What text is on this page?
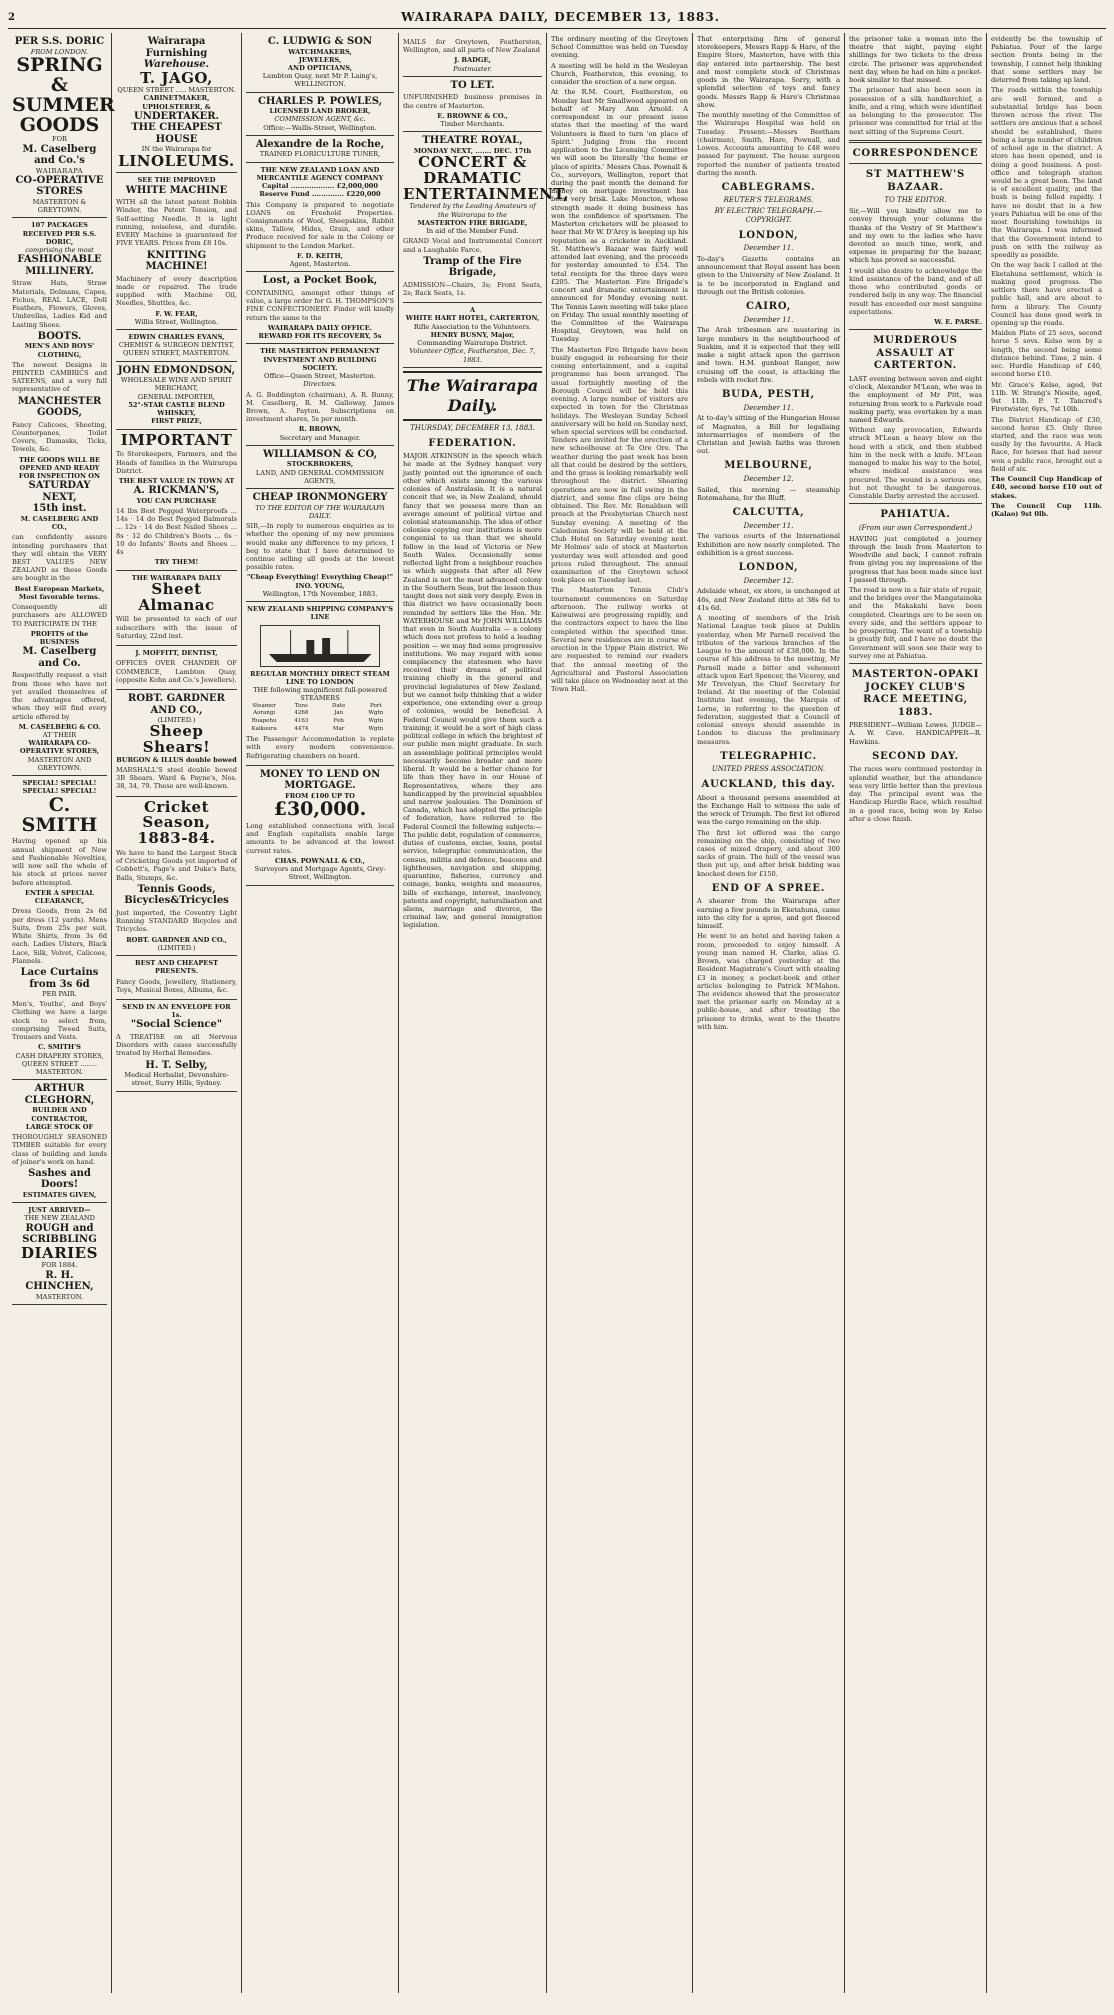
2	WAIRARAPA DAILY, DECEMBER 13, 1883.
PER S.S. DORIC
FROM LONDON.
SPRING &
SUMMER
GOODS
FOR
M. Caselberg and Co.'s
WAIRARAPA
CO-OPERATIVE STORES
MASTERTON & GREYTOWN.
107 PACKAGES RECEIVED PER S.S. DORIC,
comprising the most
FASHIONABLE
MILLINERY.

Straw Hats, Straw Materials, Dolmans, Capes, Fichus, REAL LACE, Doll Feathers, Flowers, Gloves, Umbrellas, Ladies Kid and Lasting Shoes.

BOOTS.
MEN'S AND BOYS' CLOTHING,

The newest Designs in PRINTED CAMBRICS and SATEENS, and a very full representative of

MANCHESTER GOODS,

Fancy Calicoes, Sheeting, Counterpanes, Toilet Covers, Damasks, Ticks, Towels, &c.

THE GOODS WILL BE OPENED AND READY FOR INSPECTION ON
SATURDAY NEXT,
15th inst.
M. CASELBERG AND CO.,

can confidently assure intending purchasers that they will obtain the VERY BEST VALUES NEW ZEALAND as these Goods are bought in the

Best European Markets,
Most favorable terms.

Consequently all purchasers are ALLOWED TO PARTICIPATE IN THE

PROFITS of the BUSINESS
M. Caselberg and Co.

Respectfully request a visit from those who have not yet availed themselves of the advantages offered, when they will find every article offered by

M. CASELBERG & CO.
AT THEIR
WAIRARAPA CO-OPERATIVE STORES,
MASTERTON AND GREYTOWN.
SPECIAL! SPECIAL!
SPECIAL! SPECIAL!
C. SMITH

Having opened up his annual shipment of New and Fashionable Novelties, will now sell the whole of his stock at prices never before attempted.

ENTER A SPECIAL CLEARANCE,

Dress Goods, from 2s 6d per dress (12 yards). Mens Suits, from 25s per suit. White Shirts, from 3s 6d each. Ladies Ulsters, Black Lace, Silk, Velvet, Calicoes, Flannels.

Lace Curtains from 3s 6d
PER PAIR.

Men's, Youths', and Boys' Clothing we have a large stock to select from, comprising Tweed Suits, Trousers and Vests.

C. SMITH'S
CASH DRAPERY STORES,
QUEEN STREET ........ MASTERTON.
ARTHUR CLEGHORN,
BUILDER AND CONTRACTOR,
LARGE STOCK OF

THOROUGHLY SEASONED TIMBER suitable for every class of building and lands of joiner's work on hand.

Sashes and Doors!
ESTIMATES GIVEN,
JUST ARRIVED—
THE NEW ZEALAND
ROUGH and SCRIBBLING
DIARIES
FOR 1884.
R. H. CHINCHEN,
MASTERTON.
Wairarapa Furnishing
Warehouse.
T. JAGO,
QUEEN STREET ..... MASTERTON.
CABINETMAKER, UPHOLSTERER, &
UNDERTAKER.
THE CHEAPEST HOUSE
IN the Wairarapa for
LINOLEUMS.
SEE THE IMPROVED
WHITE MACHINE

WITH all the latest patent Bobbin Winder, the Patent Tension, and Self-setting Needle. It is light running, noiseless, and durable. EVERY Machine is guaranteed for FIVE YEARS. Prices from £8 10s.

KNITTING MACHINE!

Machinery of every description made or repaired. The trade supplied with Machine Oil, Needles, Shuttles, &c.

F. W. FEAR,
Willis Street, Wellington.
EDWIN CHARLES EVANS,
CHEMIST & SURGEON DENTIST,
QUEEN STREET, MASTERTON.
JOHN EDMONDSON,
WHOLESALE WINE AND SPIRIT MERCHANT,
GENERAL IMPORTER,
52°-STAR CASTLE BLEND WHISKEY,
FIRST PRIZE,
IMPORTANT

To Storekeepers, Farmers, and the Heads of families in the Wairarapa District.

THE BEST VALUE IN TOWN AT
A. RICKMAN'S,
YOU CAN PURCHASE

14 lbs Best Pegged Waterproofs ... 14s · 14 do Best Pegged Balmorals ... 12s · 14 do Best Nailed Shoes ... 8s · 12 do Children's Boots ... 6s · 10 do Infants' Boots and Shoes ... 4s

TRY THEM!
THE WAIRARAPA DAILY
Sheet Almanac

Will be presented to each of our subscribers with the issue of Saturday, 22nd inst.

J. MOFFITT, DENTIST,

OFFICES OVER CHANDER OF COMMERCE, Lambton Quay, (opposite Kohn and Co.'s Jewellers).

ROBT. GARDNER AND CO.,
(LIMITED.)
Sheep Shears!
BURGON & ILLUS double bowed

MARSHALL'S steel double bowed 3B Shears. Ward & Payne's, Nos. 38, 34, 79. These are well-known.

Cricket Season,
1883-84.

We have to hand the Largest Stock of Cricketing Goods yet imported of Cobbett's, Page's and Duke's Bats, Balls, Stumps, &c.

Tennis Goods,
Bicycles&Tricycles

Just imported, the Coventry Light Running STANDARD Bicycles and Tricycles.

ROBT. GARDNER AND CO.,
(LIMITED.)
BEST AND CHEAPEST PRESENTS.

Fancy Goods, Jewellery, Stationery, Toys, Musical Boxes, Albums, &c.

SEND IN AN ENVELOPE FOR 1s.
"Social Science"

A TREATISE on all Nervous Disorders with cases successfully treated by Herbal Remedies.

H. T. Selby,
Medical Herbalist, Devonshire-street, Surry Hills, Sydney.
C. LUDWIG & SON
WATCHMAKERS,
JEWELERS,
AND OPTICIANS,
Lambton Quay, next Mr P. Laing's,
WELLINGTON.
CHARLES P. POWLES,
LICENSED LAND BROKER,
COMMISSION AGENT, &c.
Office:—Wallis-Street, Wellington.
Alexandre de la Roche,
TRAINED FLORICULTURE TUNER,
THE NEW ZEALAND LOAN AND MERCANTILE AGENCY COMPANY
Capital ................... £2,000,000
Reserve Fund .............. £220,000

This Company is prepared to negotiate LOANS on Freehold Properties. Consignments of Wool, Sheepskins, Rabbit skins, Tallow, Hides, Grain, and other Produce received for sale in the Colony or shipment to the London Market.

F. D. KEITH,
Agent, Masterton.
Lost, a Pocket Book,

CONTAINING, amongst other things of value, a large order for G. H. THOMPSON'S FINE CONFECTIONERY. Finder will kindly return the same to the

WAIRARAPA DAILY OFFICE.
REWARD FOR ITS RECOVERY, 5s
THE MASTERTON PERMANENT INVESTMENT AND BUILDING SOCIETY.
Office—Queen Street, Masterton.
Directors.

A. G. Boddington (chairman), A. R. Bunny, M. Caselberg, R. M. Galloway, James Brown, A. Payton. Subscriptions on investment shares, 5s per month.

R. BROWN,
Secretary and Manager.
WILLIAMSON & CO,
STOCKBROKERS,
LAND, AND GENERAL COMMISSION AGENTS,
CHEAP IRONMONGERY
TO THE EDITOR OF THE WAIRARAPA DAILY.

SIR,—In reply to numerous enquiries as to whether the opening of my new premises would make any difference to my prices, I beg to state that I have determined to continue selling all goods at the lowest possible rates.

"Cheap Everything! Everything Cheap!"
INO. YOUNG,
Wellington, 17th November, 1883.
NEW ZEALAND SHIPPING COMPANY'S LINE
REGULAR MONTHLY DIRECT STEAM LINE TO LONDON
THE following magnificent full-powered STEAMERS
Steamer	Tons	Date	Port
Aorangi	4268	Jan	Wgtn
Ruapehu	4163	Feb	Wgtn
Kaikoura	4474	Mar	Wgtn

The Passenger Accommodation is replete with every modern convenience. Refrigerating chambers on board.

MONEY TO LEND ON MORTGAGE.
FROM £100 UP TO
£30,000.

Long established connections with local and English capitalists enable large amounts to be advanced at the lowest current rates.

CHAS. POWNALL & CO.,
Surveyors and Mortgage Agents, Grey-Street, Wellington.

MAILS for Greytown, Featherston, Wellington, and all parts of New Zealand

J. BADGE,
Postmaster.
TO LET.

UNFURNISHED business premises in the centre of Masterton.

E. BROWNE & CO.,
Timber Merchants.
THEATRE ROYAL,
MONDAY NEXT, ....... DEC. 17th
CONCERT & DRAMATIC
ENTERTAINMENT,
Tendered by the Leading Amateurs of the Wairarapa to the
MASTERTON FIRE BRIGADE,
In aid of the Member Fund.

GRAND Vocal and Instrumental Concert and a Laughable Farce.

Tramp of the Fire Brigade,

ADMISSION—Chairs, 3s; Front Seats, 2s; Back Seats, 1s.

A
WHITE HART HOTEL, CARTERTON,
Rifle Association to the Volunteers.
HENRY BUSNY, Major,
Commanding Wairarapa District.
Volunteer Office, Featherston, Dec. 7, 1883.
The Wairarapa Daily.
THURSDAY, DECEMBER 13, 1883.
FEDERATION.

MAJOR ATKINSON in the speech which he made at the Sydney banquet very justly pointed out the ignorance of each other which exists among the various colonies of Australasia. It is a natural conceit that we, in New Zealand, should fancy that we possess more than an average amount of political virtue and colonial statesmanship. The idea of other colonies copying our institutions is more congenial to us than that we should follow in the lead of Victoria or New South Wales. Occasionally some reflected light from a neighbour reaches us which suggests that after all New Zealand is not the most advanced colony in the Southern Seas, but the lesson thus taught does not sink very deeply. Even in this district we have occasionally been reminded by settlers like the Hon. Mr. WATERHOUSE and Mr JOHN WILLIAMS that even in South Australia — a colony which does not profess to hold a leading position — we may find some progressive institutions. We may regard with some complacency the statesmen who have received their dreams of political training chiefly in the general and provincial legislatures of New Zealand, but we cannot help thinking that a wider experience, one extending over a group of colonies, would be beneficial. A Federal Council would give them such a training; it would be a sort of high class political college in which the brightest of our public men might graduate. In such an assemblage political principles would necessarily become broader and more liberal. It would be a better chance for life than they have in our House of Representatives, where they are handicapped by the provincial squabbles and narrow jealousies. The Dominion of Canada, which has adopted the principle of federation, have referred to the Federal Council the following subjects:— The public debt, regulation of commerce, duties of customs, excise, loans, postal service, telegraphic communication, the census, militia and defence, beacons and lighthouses, navigation and shipping, quarantine, fisheries, currency and coinage, banks, weights and measures, bills of exchange, interest, insolvency, patents and copyright, naturalisation and aliens, marriage and divorce, the criminal law, and general immigration legislation.

The ordinary meeting of the Greytown School Committee was held on Tuesday evening.

A meeting will be held in the Wesleyan Church, Featherston, this evening, to consider the erection of a new organ.

At the R.M. Court, Featherston, on Monday last Mr Smallwood appeared on behalf of Mary Ann Arnold. A correspondent in our present issue states that the meeting of the ward Volunteers is fixed to turn 'on place of Spirit.' Judging from the recent application to the Licensing Committee we will soon be literally 'the home or place of spirits.' Messrs Chas. Pownall & Co., surveyors, Wellington, report that during the past month the demand for money on mortgage investment has been very brisk. Lake Moncton, whose strength made it doing business has won the confidence of sportsmen. The Masterton cricketers will be pleased to hear that Mr W. D'Arcy is keeping up his reputation as a cricketer in Auckland. St. Matthew's Bazaar was fairly well attended last evening, and the proceeds for yesterday amounted to £54. The total receipts for the three days were £205. The Masterton Fire Brigade's concert and dramatic entertainment is announced for Monday evening next. The Tennis Lawn meeting will take place on Friday. The usual monthly meeting of the Committee of the Wairarapa Hospital, Greytown, was held on Tuesday.

The Masterton Fire Brigade have been busily engaged in rehearsing for their coming entertainment, and a capital programme has been arranged. The usual fortnightly meeting of the Borough Council will be held this evening. A large number of visitors are expected in town for the Christmas holidays. The Wesleyan Sunday School anniversary will be held on Sunday next, when special services will be conducted. Tenders are invited for the erection of a new schoolhouse at Te Ore Ore. The weather during the past week has been all that could be desired by the settlers, and the grass is looking remarkably well throughout the district. Shearing operations are now in full swing in the district, and some fine clips are being obtained. The Rev. Mr. Ronaldson will preach at the Presbyterian Church next Sunday evening. A meeting of the Caledonian Society will be held at the Club Hotel on Saturday evening next. Mr Holmes' sale of stock at Masterton yesterday was well attended and good prices ruled throughout. The annual examination of the Greytown school took place on Tuesday last.

The Masterton Tennis Club's tournament commences on Saturday afternoon. The railway works at Kaiwaiwai are progressing rapidly, and the contractors expect to have the line completed within the specified time. Several new residences are in course of erection in the Upper Plain district. We are requested to remind our readers that the annual meeting of the Agricultural and Pastoral Association will take place on Wednesday next at the Town Hall.

That enterprising firm of general storekeepers, Messrs Rapp & Hare, of the Empire Store, Masterton, have with this day entered into partnership. The best and most complete stock of Christmas goods in the Wairarapa. Sorry, with a splendid selection of toys and fancy goods. Messrs Rapp & Hare's Christmas show.

The monthly meeting of the Committee of the Wairarapa Hospital was held on Tuesday. Present:—Messrs Beetham (chairman), Smith, Hare, Pownall, and Lowes. Accounts amounting to £48 were passed for payment. The house surgeon reported the number of patients treated during the month.

CABLEGRAMS.
REUTER'S TELEGRAMS.
BY ELECTRIC TELEGRAPH.—COPYRIGHT.
LONDON,
December 11.

To-day's Gazette contains an announcement that Royal assent has been given to the University of New Zealand. It is to be incorporated in England and through out the British colonies.

CAIRO,
December 11.

The Arab tribesmen are mustering in large numbers in the neighbourhood of Suakim, and it is expected that they will make a night attack upon the garrison and town. H.M. gunboat Ranger, now cruising off the coast, is attacking the rebels with rocket fire.

BUDA, PESTH,
December 11.

At to-day's sitting of the Hungarian House of Magnates, a Bill for legalising intermarriages of members of the Christian and Jewish faiths was thrown out.

MELBOURNE,
December 12.

Sailed, this morning — steamship Rotomahana, for the Bluff.

CALCUTTA,
December 11.

The various courts of the International Exhibition are now nearly completed. The exhibition is a great success.

LONDON,
December 12.

Adelaide wheat, ex store, is unchanged at 46s, and New Zealand ditto at 38s 6d to 41s 6d.

A meeting of members of the Irish National League took place at Dublin yesterday, when Mr Parnell received the tributes of the various branches of the League to the amount of £38,000. In the course of his address to the meeting, Mr Parnell made a bitter and vehement attack upon Earl Spencer, the Viceroy, and Mr Trevelyan, the Chief Secretary for Ireland. At the meeting of the Colonial Institute last evening, the Marquis of Lorne, in referring to the question of federation, suggested that a Council of colonial envoys should assemble in London to discuss the preliminary measures.

TELEGRAPHIC.
UNITED PRESS ASSOCIATION.
AUCKLAND, this day.

About a thousand persons assembled at the Exchange Hall to witness the sale of the wreck of Triumph. The first lot offered was the cargo remaining on the ship.

The first lot offered was the cargo remaining on the ship, consisting of two cases of mixed drapery, and about 300 sacks of grain. The hull of the vessel was then put up, and after brisk bidding was knocked down for £150.

END OF A SPREE.

A shearer from the Wairarapa after earning a few pounds in Eketahuna, came into the city for a spree, and got fleeced himself.

He went to an hotel and having taken a room, proceeded to enjoy himself. A young man named H. Clarke, alias G. Brown, was charged yesterday at the Resident Magistrate's Court with stealing £3 in money, a pocket-book and other articles belonging to Patrick M'Mahon. The evidence showed that the prosecutor met the prisoner early on Monday at a public-house, and after treating the prisoner to drinks, went to the theatre with him.

the prisoner take a woman into the theatre that night, paying eight shillings for two tickets to the dress circle. The prisoner was apprehended next day, when he had on him a pocket-book similar to that missed.

The prisoner had also been seen in possession of a silk handkerchief, a knife, and a ring, which were identified as belonging to the prosecutor. The prisoner was committed for trial at the next sitting of the Supreme Court.

CORRESPONDENCE
ST MATTHEW'S BAZAAR.
TO THE EDITOR.

Sir,—Will you kindly allow me to convey through your columns the thanks of the Vestry of St Matthew's and my own to the ladies who have devoted so much time, work, and expense in preparing for the bazaar, which has proved so successful.

I would also desire to acknowledge the kind assistance of the band, and of all those who contributed goods or rendered help in any way. The financial result has exceeded our most sanguine expectations.

W. E. PARSE.
MURDEROUS ASSAULT AT CARTERTON.

LAST evening between seven and eight o'clock, Alexander M'Lean, who was in the employment of Mr Pitt, was returning from work to a Parkvale road making party, was overtaken by a man named Edwards.

Without any provocation, Edwards struck M'Lean a heavy blow on the head with a stick, and then stabbed him in the neck with a knife. M'Lean managed to make his way to the hotel, where medical assistance was procured. The wound is a serious one, but not thought to be dangerous. Constable Darby arrested the accused.

PAHIATUA.
(From our own Correspondent.)

HAVING just completed a journey through the bush from Masterton to Woodville and back, I cannot refrain from giving you my impressions of the progress that has been made since last I passed through.

The road is now in a fair state of repair, and the bridges over the Mangatainoka and the Makakahi have been completed. Clearings are to be seen on every side, and the settlers appear to be prospering. The want of a township is greatly felt, and I have no doubt the Government will soon see their way to survey one at Pahiatua.

MASTERTON-OPAKI JOCKEY CLUB'S RACE MEETING, 1883.

PRESIDENT—William Lowes. JUDGE—A. W. Cave. HANDICAPPER—R. Hawkins.

SECOND DAY.

The races were continued yesterday in splendid weather, but the attendance was very little better than the previous day. The principal event was the Handicap Hurdle Race, which resulted in a good race, being won by Kelso after a close finish.

evidently be the township of Pahiatua. Four of the large section fronts being in the township, I cannot help thinking that some settlers may be deterred from taking up land.

The roads within the township are well formed, and a substantial bridge has been thrown across the river. The settlers are anxious that a school should be established, there being a large number of children of school age in the district. A store has been opened, and is doing a good business. A post-office and telegraph station would be a great boon. The land is of excellent quality, and the bush is being felled rapidly. I have no doubt that in a few years Pahiatua will be one of the most flourishing townships in the Wairarapa. I was informed that the Government intend to push on with the railway as speedily as possible.

On the way back I called at the Eketahuna settlement, which is making good progress. The settlers there have erected a public hall, and are about to form a library. The County Council has done good work in opening up the roads.

Maiden Plate of 25 sovs, second horse 5 sovs. Kelso won by a length, the second being some distance behind. Time, 2 min. 4 sec. Hurdle Handicap of £40, second horse £10.

Mr. Grace's Kelso, aged, 9st 11lb. W. Strang's Niosite, aged, 9st 11lb. P. T. Tancred's Firetwister, 6yrs, 7st 10lb.

The District Handicap of £30, second horse £5. Only three started, and the race was won easily by the favourite. A Hack Race, for horses that had never won a public race, brought out a field of six.

The Council Cup Handicap of £40, second horse £10 out of stakes.

The Council Cup 11lb. (Kalao) 9st 0lb.
